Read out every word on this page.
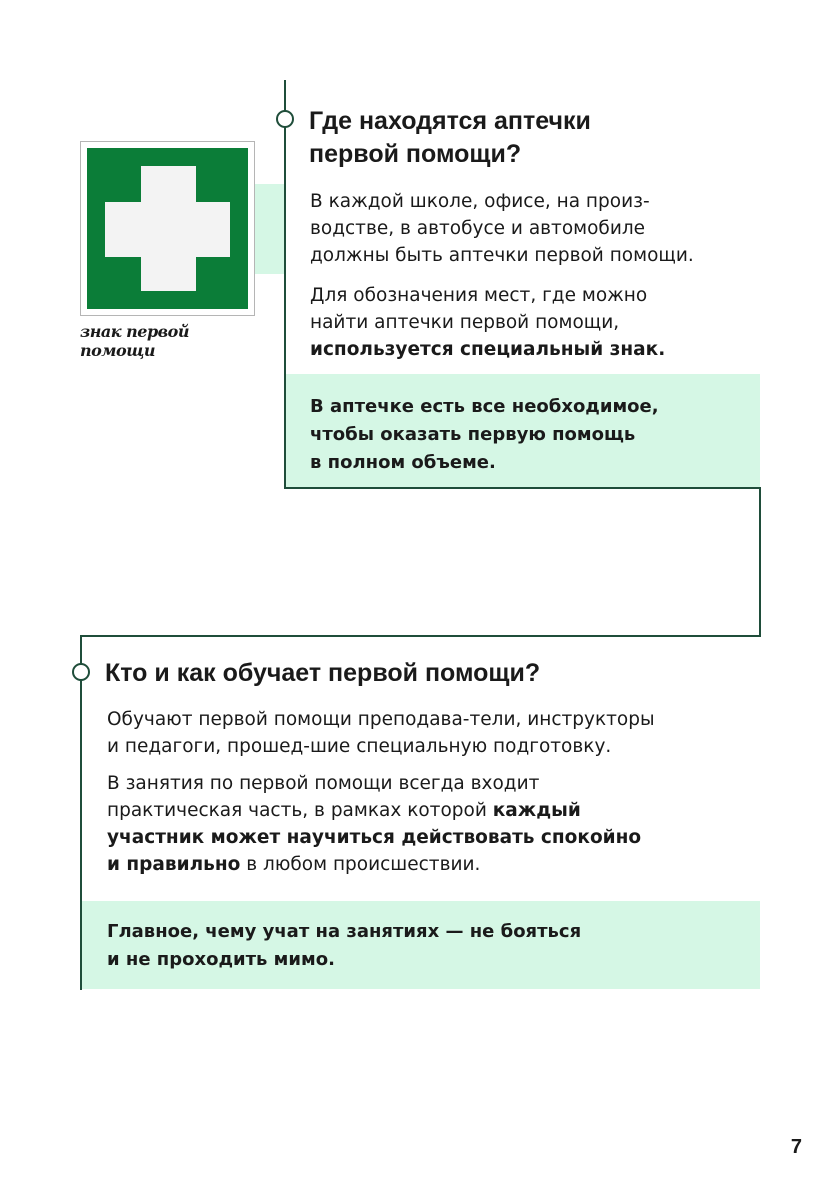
знак первой помощи
Где находятся аптечки
первой помощи?

В каждой школе, офисе, на произ-
водстве, в автобусе и автомобиле
должны быть аптечки первой помощи.

Для обозначения мест, где можно
найти аптечки первой помощи,
используется специальный знак.

В аптечке есть все необходимое,
чтобы оказать первую помощь
в полном объеме.

Кто и как обучает первой помощи?

Обучают первой помощи преподава-тели, инструкторы
и педагоги, прошед-шие специальную подготовку.

В занятия по первой помощи всегда входит
практическая часть, в рамках которой каждый
участник может научиться действовать спокойно
и правильно в любом происшествии.

Главное, чему учат на занятиях — не бояться
и не проходить мимо.

7
